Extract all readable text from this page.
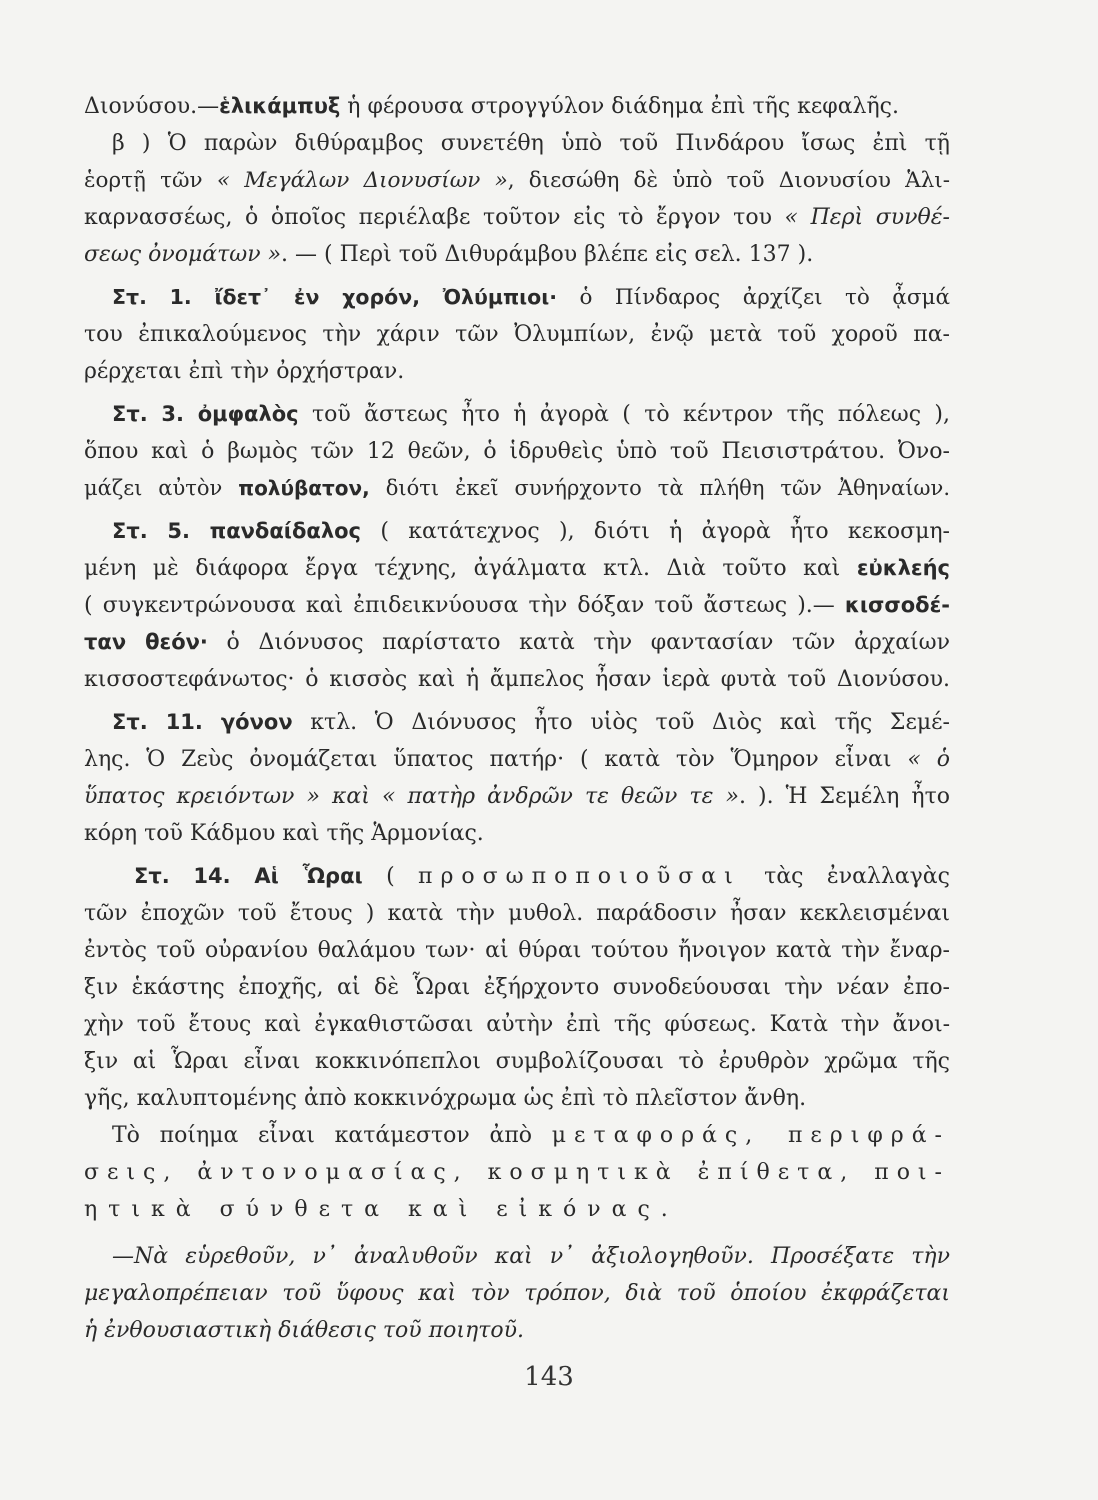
Διονύσου.—ἑλικάμπυξ ἡ φέρουσα στρογγύλον διάδημα ἐπὶ τῆς κεφαλῆς.
β ) Ὁ παρὼν διθύραμβος συνετέθη ὑπὸ τοῦ Πινδάρου ἴσως ἐπὶ τῇ
ἑορτῇ τῶν « Μεγάλων Διονυσίων », διεσώθη δὲ ὑπὸ τοῦ Διονυσίου Ἁλι-
καρνασσέως, ὁ ὁποῖος περιέλαβε τοῦτον εἰς τὸ ἔργον του « Περὶ συνθέ-
σεως ὀνομάτων ». — ( Περὶ τοῦ Διθυράμβου βλέπε εἰς σελ. 137 ).
Στ. 1. ἴδετ᾽ ἐν χορόν, Ὀλύμπιοι· ὁ Πίνδαρος ἀρχίζει τὸ ᾆσμά
του ἐπικαλούμενος τὴν χάριν τῶν Ὀλυμπίων, ἐνῷ μετὰ τοῦ χοροῦ πα-
ρέρχεται ἐπὶ τὴν ὀρχήστραν.
Στ. 3. ὀμφαλὸς τοῦ ἄστεως ἦτο ἡ ἀγορὰ ( τὸ κέντρον τῆς πόλεως ),
ὅπου καὶ ὁ βωμὸς τῶν 12 θεῶν, ὁ ἱδρυθεὶς ὑπὸ τοῦ Πεισιστράτου. Ὀνο-
μάζει αὐτὸν πολύβατον, διότι ἐκεῖ συνήρχοντο τὰ πλήθη τῶν Ἀθηναίων.
Στ. 5. πανδαίδαλος ( κατάτεχνος ), διότι ἡ ἀγορὰ ἦτο κεκοσμη-
μένη μὲ διάφορα ἔργα τέχνης, ἀγάλματα κτλ. Διὰ τοῦτο καὶ εὐκλεής
( συγκεντρώνουσα καὶ ἐπιδεικνύουσα τὴν δόξαν τοῦ ἄστεως ).— κισσοδέ-
ταν θεόν· ὁ Διόνυσος παρίστατο κατὰ τὴν φαντασίαν τῶν ἀρχαίων
κισσοστεφάνωτος· ὁ κισσὸς καὶ ἡ ἄμπελος ἦσαν ἱερὰ φυτὰ τοῦ Διονύσου.
Στ. 11. γόνον κτλ. Ὁ Διόνυσος ἦτο υἱὸς τοῦ Διὸς καὶ τῆς Σεμέ-
λης. Ὁ Ζεὺς ὀνομάζεται ὕπατος πατήρ· ( κατὰ τὸν Ὅμηρον εἶναι « ὁ
ὕπατος κρειόντων » καὶ « πατὴρ ἀνδρῶν τε θεῶν τε ». ). Ἡ Σεμέλη ἦτο
κόρη τοῦ Κάδμου καὶ τῆς Ἁρμονίας.
Στ. 14. Αἱ Ὧραι ( προσωποποιοῦσαι τὰς ἐναλλαγὰς
τῶν ἐποχῶν τοῦ ἔτους ) κατὰ τὴν μυθολ. παράδοσιν ἦσαν κεκλεισμέναι
ἐντὸς τοῦ οὐρανίου θαλάμου των· αἱ θύραι τούτου ἤνοιγον κατὰ τὴν ἔναρ-
ξιν ἑκάστης ἐποχῆς, αἱ δὲ Ὧραι ἐξήρχοντο συνοδεύουσαι τὴν νέαν ἐπο-
χὴν τοῦ ἔτους καὶ ἐγκαθιστῶσαι αὐτὴν ἐπὶ τῆς φύσεως. Κατὰ τὴν ἄνοι-
ξιν αἱ Ὧραι εἶναι κοκκινόπεπλοι συμβολίζουσαι τὸ ἐρυθρὸν χρῶμα τῆς
γῆς, καλυπτομένης ἀπὸ κοκκινόχρωμα ὡς ἐπὶ τὸ πλεῖστον ἄνθη.
Τὸ ποίημα εἶναι κατάμεστον ἀπὸ μεταφοράς, περιφρά-
σεις, ἀντονομασίας, κοσμητικὰ ἐπίθετα, ποι-
ητικὰ σύνθετα καὶ εἰκόνας.
—Νὰ εὑρεθοῦν, ν᾽ ἀναλυθοῦν καὶ ν᾽ ἀξιολογηθοῦν. Προσέξατε τὴν
μεγαλοπρέπειαν τοῦ ὕφους καὶ τὸν τρόπον, διὰ τοῦ ὁποίου ἐκφράζεται
ἡ ἐνθουσιαστικὴ διάθεσις τοῦ ποιητοῦ.
143
